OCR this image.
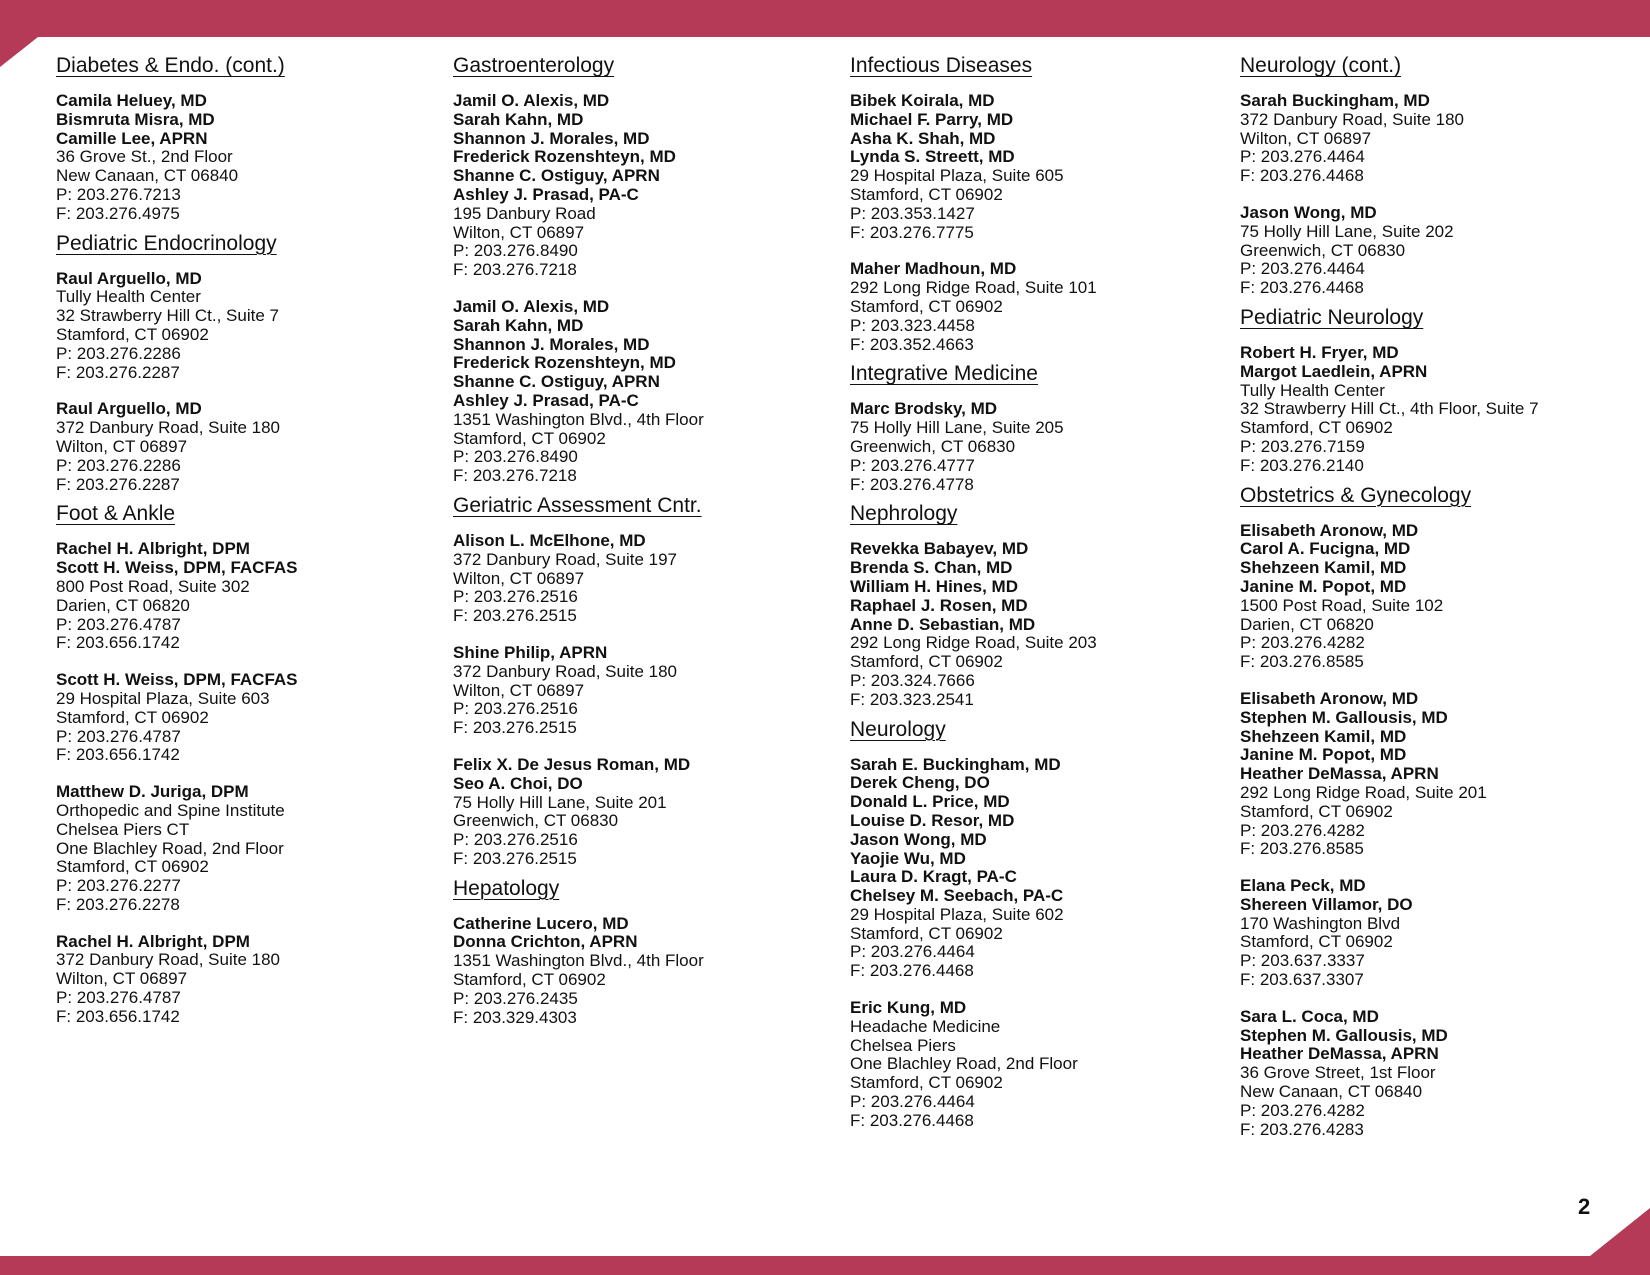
Diabetes & Endo. (cont.)
Camila Heluey, MD
Bismruta Misra, MD
Camille Lee, APRN
36 Grove St., 2nd Floor
New Canaan, CT 06840
P: 203.276.7213
F: 203.276.4975
Pediatric Endocrinology
Raul Arguello, MD
Tully Health Center
32 Strawberry Hill Ct., Suite 7
Stamford, CT 06902
P: 203.276.2286
F: 203.276.2287
Raul Arguello, MD
372 Danbury Road, Suite 180
Wilton, CT 06897
P: 203.276.2286
F: 203.276.2287
Foot & Ankle
Rachel H. Albright, DPM
Scott H. Weiss, DPM, FACFAS
800 Post Road, Suite 302
Darien, CT 06820
P: 203.276.4787
F: 203.656.1742
Scott H. Weiss, DPM, FACFAS
29 Hospital Plaza, Suite 603
Stamford, CT 06902
P: 203.276.4787
F: 203.656.1742
Matthew D. Juriga, DPM
Orthopedic and Spine Institute
Chelsea Piers CT
One Blachley Road, 2nd Floor
Stamford, CT 06902
P: 203.276.2277
F: 203.276.2278
Rachel H. Albright, DPM
372 Danbury Road, Suite 180
Wilton, CT 06897
P: 203.276.4787
F: 203.656.1742
Gastroenterology
Jamil O. Alexis, MD
Sarah Kahn, MD
Shannon J. Morales, MD
Frederick Rozenshteyn, MD
Shanne C. Ostiguy, APRN
Ashley J. Prasad, PA-C
195 Danbury Road
Wilton, CT 06897
P: 203.276.8490
F: 203.276.7218
Jamil O. Alexis, MD
Sarah Kahn, MD
Shannon J. Morales, MD
Frederick Rozenshteyn, MD
Shanne C. Ostiguy, APRN
Ashley J. Prasad, PA-C
1351 Washington Blvd., 4th Floor
Stamford, CT 06902
P: 203.276.8490
F: 203.276.7218
Geriatric Assessment Cntr.
Alison L. McElhone, MD
372 Danbury Road, Suite 197
Wilton, CT 06897
P: 203.276.2516
F: 203.276.2515
Shine Philip, APRN
372 Danbury Road, Suite 180
Wilton, CT 06897
P: 203.276.2516
F: 203.276.2515
Felix X. De Jesus Roman, MD
Seo A. Choi, DO
75 Holly Hill Lane, Suite 201
Greenwich, CT 06830
P: 203.276.2516
F: 203.276.2515
Hepatology
Catherine Lucero, MD
Donna Crichton, APRN
1351 Washington Blvd., 4th Floor
Stamford, CT 06902
P: 203.276.2435
F: 203.329.4303
Infectious Diseases
Bibek Koirala, MD
Michael F. Parry, MD
Asha K. Shah, MD
Lynda S. Streett, MD
29 Hospital Plaza, Suite 605
Stamford, CT 06902
P: 203.353.1427
F: 203.276.7775
Maher Madhoun, MD
292 Long Ridge Road, Suite 101
Stamford, CT 06902
P: 203.323.4458
F: 203.352.4663
Integrative Medicine
Marc Brodsky, MD
75 Holly Hill Lane, Suite 205
Greenwich, CT 06830
P: 203.276.4777
F: 203.276.4778
Nephrology
Revekka Babayev, MD
Brenda S. Chan, MD
William H. Hines, MD
Raphael J. Rosen, MD
Anne D. Sebastian, MD
292 Long Ridge Road, Suite 203
Stamford, CT 06902
P: 203.324.7666
F: 203.323.2541
Neurology
Sarah E. Buckingham, MD
Derek Cheng, DO
Donald L. Price, MD
Louise D. Resor, MD
Jason Wong, MD
Yaojie Wu, MD
Laura D. Kragt, PA-C
Chelsey M. Seebach, PA-C
29 Hospital Plaza, Suite 602
Stamford, CT 06902
P: 203.276.4464
F: 203.276.4468
Eric Kung, MD
Headache Medicine
Chelsea Piers
One Blachley Road, 2nd Floor
Stamford, CT 06902
P: 203.276.4464
F: 203.276.4468
Neurology (cont.)
Sarah Buckingham, MD
372 Danbury Road, Suite 180
Wilton, CT 06897
P: 203.276.4464
F: 203.276.4468
Jason Wong, MD
75 Holly Hill Lane, Suite 202
Greenwich, CT 06830
P: 203.276.4464
F: 203.276.4468
Pediatric Neurology
Robert H. Fryer, MD
Margot Laedlein, APRN
Tully Health Center
32 Strawberry Hill Ct., 4th Floor, Suite 7
Stamford, CT 06902
P: 203.276.7159
F: 203.276.2140
Obstetrics & Gynecology
Elisabeth Aronow, MD
Carol A. Fucigna, MD
Shehzeen Kamil, MD
Janine M. Popot, MD
1500 Post Road, Suite 102
Darien, CT 06820
P: 203.276.4282
F: 203.276.8585
Elisabeth Aronow, MD
Stephen M. Gallousis, MD
Shehzeen Kamil, MD
Janine M. Popot, MD
Heather DeMassa, APRN
292 Long Ridge Road, Suite 201
Stamford, CT 06902
P: 203.276.4282
F: 203.276.8585
Elana Peck, MD
Shereen Villamor, DO
170 Washington Blvd
Stamford, CT 06902
P: 203.637.3337
F: 203.637.3307
Sara L. Coca, MD
Stephen M. Gallousis, MD
Heather DeMassa, APRN
36 Grove Street, 1st Floor
New Canaan, CT 06840
P: 203.276.4282
F: 203.276.4283
2
